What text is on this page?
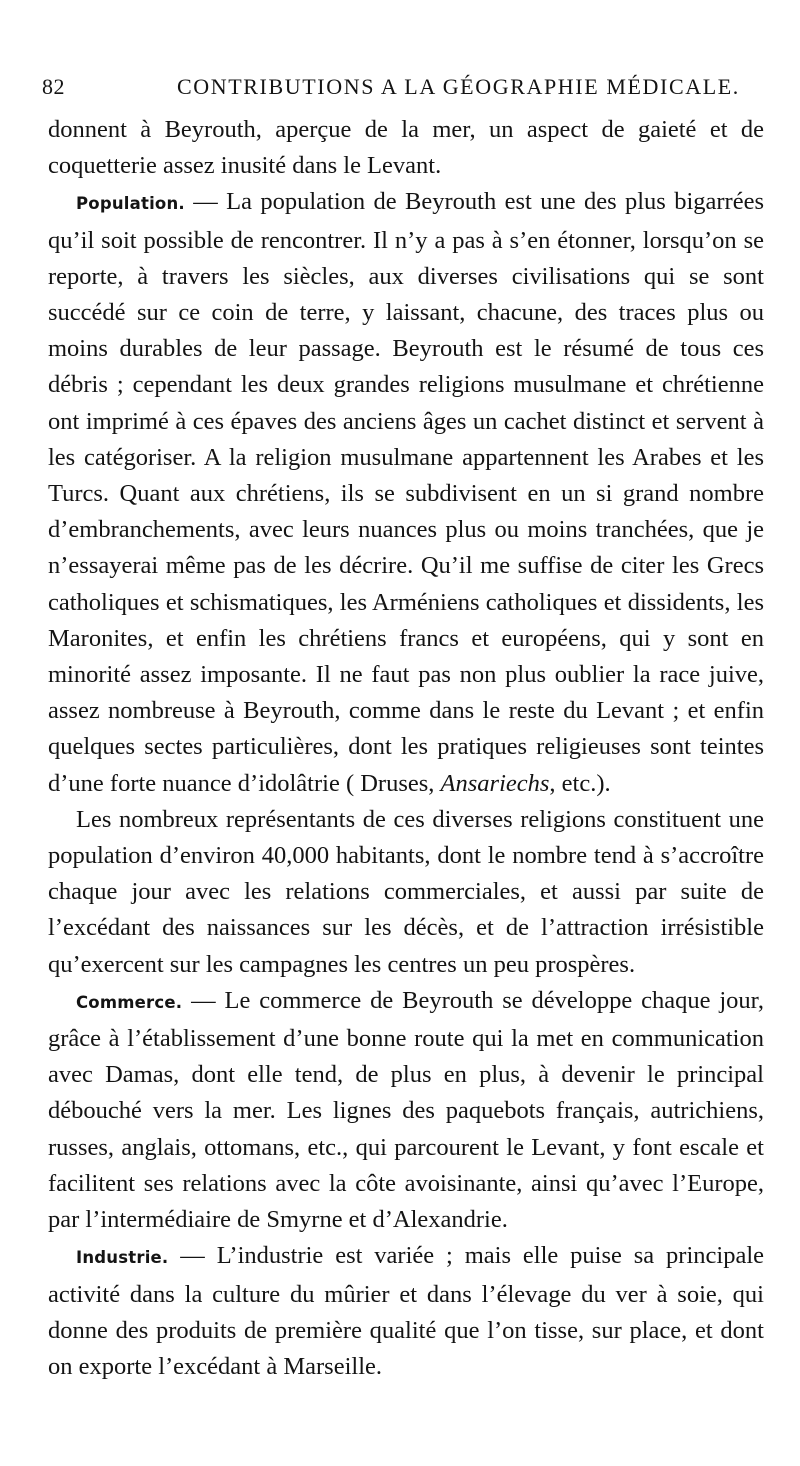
82	CONTRIBUTIONS A LA GÉOGRAPHIE MÉDICALE.

donnent à Beyrouth, aperçue de la mer, un aspect de gaieté et de coquetterie assez inusité dans le Levant.

Population. — La population de Beyrouth est une des plus bigarrées qu’il soit possible de rencontrer. Il n’y a pas à s’en étonner, lorsqu’on se reporte, à travers les siècles, aux diverses civilisations qui se sont succédé sur ce coin de terre, y laissant, chacune, des traces plus ou moins durables de leur passage. Beyrouth est le résumé de tous ces débris ; cependant les deux grandes religions musulmane et chrétienne ont imprimé à ces épaves des anciens âges un cachet distinct et servent à les catégoriser. A la religion musulmane appartennent les Arabes et les Turcs. Quant aux chrétiens, ils se subdivisent en un si grand nombre d’embranchements, avec leurs nuances plus ou moins tranchées, que je n’essayerai même pas de les décrire. Qu’il me suffise de citer les Grecs catholiques et schismatiques, les Arméniens catholiques et dissidents, les Maronites, et enfin les chrétiens francs et européens, qui y sont en minorité assez imposante. Il ne faut pas non plus oublier la race juive, assez nombreuse à Beyrouth, comme dans le reste du Levant ; et enfin quelques sectes particulières, dont les pratiques religieuses sont teintes d’une forte nuance d’idolâtrie ( Druses, Ansariechs, etc.).

Les nombreux représentants de ces diverses religions constituent une population d’environ 40,000 habitants, dont le nombre tend à s’accroître chaque jour avec les relations commerciales, et aussi par suite de l’excédant des naissances sur les décès, et de l’attraction irrésistible qu’exercent sur les campagnes les centres un peu prospères.

Commerce. — Le commerce de Beyrouth se développe chaque jour, grâce à l’établissement d’une bonne route qui la met en communication avec Damas, dont elle tend, de plus en plus, à devenir le principal débouché vers la mer. Les lignes des paquebots français, autrichiens, russes, anglais, ottomans, etc., qui parcourent le Levant, y font escale et facilitent ses relations avec la côte avoisinante, ainsi qu’avec l’Europe, par l’intermédiaire de Smyrne et d’Alexandrie.

Industrie. — L’industrie est variée ; mais elle puise sa principale activité dans la culture du mûrier et dans l’élevage du ver à soie, qui donne des produits de première qualité que l’on tisse, sur place, et dont on exporte l’excédant à Marseille.
